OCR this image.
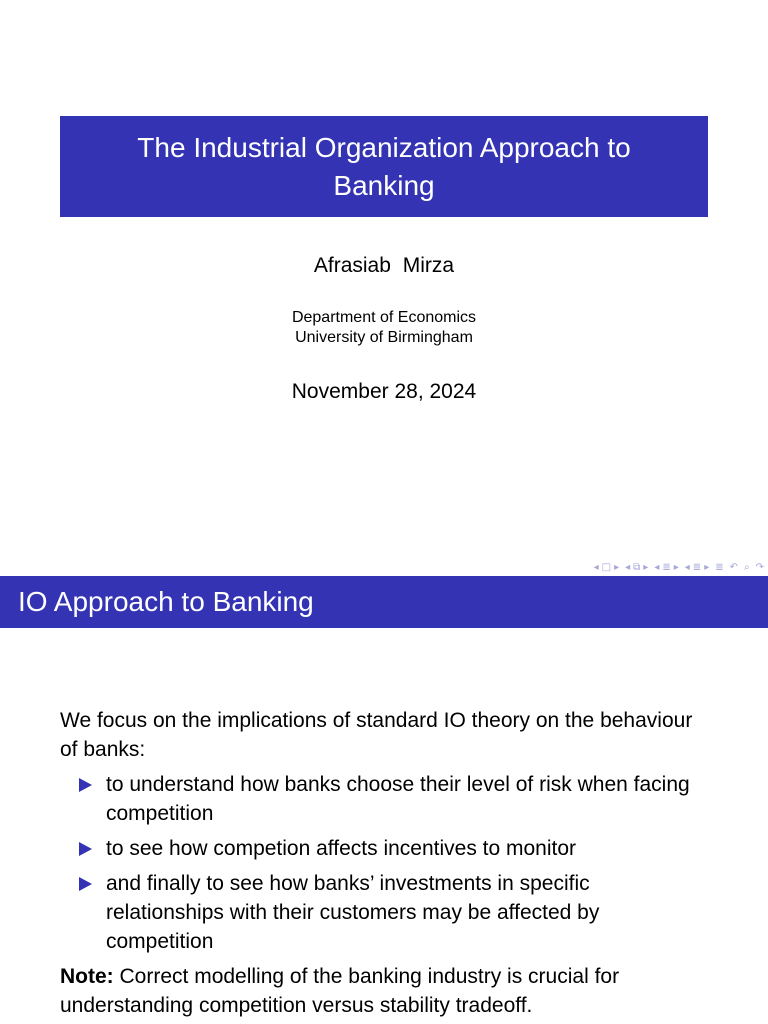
The Industrial Organization Approach to Banking
Afrasiab Mirza
Department of Economics
University of Birmingham
November 28, 2024
◂ □ ▸ ◂ ⧉ ▸ ◂ ≣ ▸ ◂ ≣ ▸ ≣ ↶ ⌕ ↷
IO Approach to Banking

We focus on the implications of standard IO theory on the behaviour of banks:

to understand how banks choose their level of risk when facing competition
to see how competion affects incentives to monitor
and finally to see how banks’ investments in specific relationships with their customers may be affected by competition

Note: Correct modelling of the banking industry is crucial for understanding competition versus stability tradeoff.
